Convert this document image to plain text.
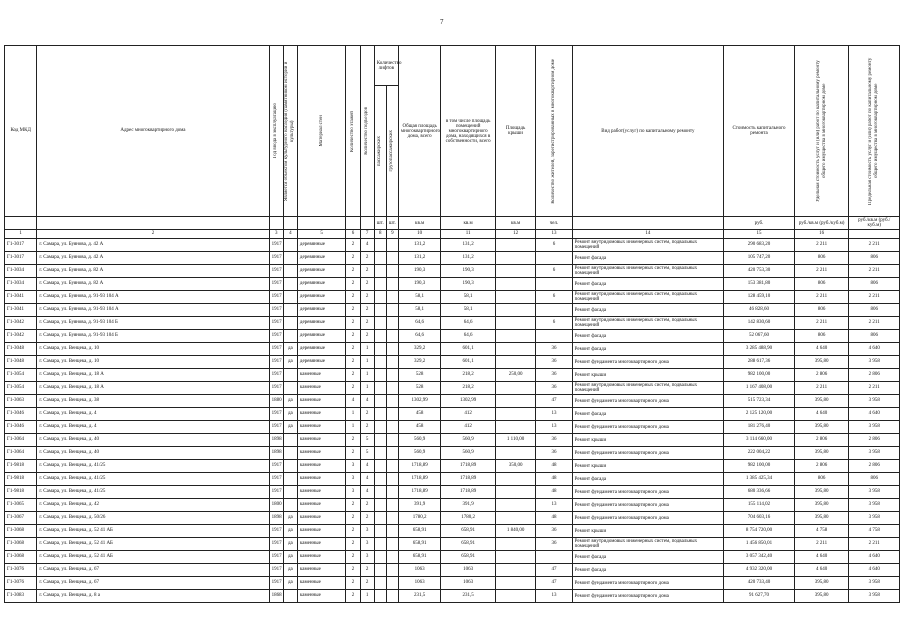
7
Код МКД	Адрес многоквартирного дома	Год ввода в эксплуатацию	Является объектом культурного наследия (памятником истории и культуры)	Материал стен	Количество этажей	Количество подъездов	Количество лифтов		Общая площадь многоквартирного дома, всего	в том числе площадь помещений многоквартирного дома, находящихся в собственности, всего	Площадь крыши	Количество жителей, зарегистрированных в многоквартирном доме	Вид работ(услуг) по капитальному ремонту	Стоимость капитального ремонта	Удельная стоимость услуг и (или) работ по капитальному ремонту общего имущества в многоквартирном доме	Предельная стоимость услуг и (или) работ по капитальному ремонту общего имущества в многоквартирном доме

							пассажирских	грузопассажирских								

							шт.	шт.	кв.м	кв.м	кв.м	чел.		руб.	руб./кв.м (руб./куб.м)	руб./кв.м (руб./куб.м)
1	2	3	4	5	6	7	8	9	10	11	12	13	14	15	16	
Г1-3017	г. Самара, ул. Буянова, д. 42 А	1917		деревянные	2	4			131,2	131,2		6	Ремонт внутридомовых инженерных систем, подвальных помещений	290 683,20	2 211	2 211
Г1-3017	г. Самара, ул. Буянова, д. 42 А	1917		деревянные	2	2			131,2	131,2			Ремонт фасада	105 747,20	806	806
Г1-3034	г. Самара, ул. Буянова, д. 82 А	1917		деревянные	2	2			190,3	190,3		6	Ремонт внутридомовых инженерных систем, подвальных помещений	420 753,30	2 211	2 211
Г1-3034	г. Самара, ул. Буянова, д. 82 А	1917		деревянные	2	2			190,3	190,3			Ремонт фасада	153 381,80	806	806
Г1-3041	г. Самара, ул. Буянова, д. 91-93 104 А	1917		деревянные	2	2			58,1	58,1		6	Ремонт внутридомовых инженерных систем, подвальных помещений	128 459,10	2 211	2 211
Г1-3041	г. Самара, ул. Буянова, д. 91-93 104 А	1917		деревянные	2	2			58,1	58,1			Ремонт фасада	46 828,60	806	806
Г1-3042	г. Самара, ул. Буянова, д. 91-93 104 Б	1917		деревянные	2	2			64,6	64,6		6	Ремонт внутридомовых инженерных систем, подвальных помещений	142 830,60	2 211	2 211
Г1-3042	г. Самара, ул. Буянова, д. 91-93 104 Б	1917		деревянные	2	2			64,6	64,6			Ремонт фасада	52 067,60	806	806
Г1-3048	г. Самара, ул. Венцека, д. 10	1917	да	деревянные	2	1			329,2	601,1		36	Ремонт фасада	3 285 488,90	4 640	4 640
Г1-3048	г. Самара, ул. Венцека, д. 10	1917	да	деревянные	2	1			329,2	601,1		36	Ремонт фундамента многоквартирного дома	288 617,36	395,80	3 958
Г1-3054	г. Самара, ул. Венцека, д. 18 А	1917		каменные	2	1			528	218,2	250,00	36	Ремонт крыши	982 100,00	2 806	2 806
Г1-3054	г. Самара, ул. Венцека, д. 18 А	1917		каменные	2	1			528	218,2		36	Ремонт внутридомовых инженерных систем, подвальных помещений	1 167 408,00	2 211	2 211
Г1-3063	г. Самара, ул. Венцека, д. 38	1880	да	каменные	4	4			1302,99	1302,99		47	Ремонт фундамента многоквартирного дома	515 723,34	395,80	3 958
Г1-3046	г. Самара, ул. Венцека, д. 4	1917	да	каменные	1	2			458	412		13	Ремонт фасада	2 125 120,00	4 640	4 640
Г1-3046	г. Самара, ул. Венцека, д. 4	1917	да	каменные	1	2			458	412		13	Ремонт фундамента многоквартирного дома	181 276,40	395,80	3 958
Г1-3064	г. Самара, ул. Венцека, д. 40	1898		каменные	2	5			560,9	560,9	1 110,00	36	Ремонт крыши	3 114 660,00	2 806	2 806
Г1-3064	г. Самара, ул. Венцека, д. 40	1898		каменные	2	5			560,9	560,9		36	Ремонт фундамента многоквартирного дома	222 004,22	395,80	3 958
Г1-9818	г. Самара, ул. Венцека, д. 41/25	1917		каменные	3	4			1718,89	1718,89	350,00	48	Ремонт крыши	982 100,00	2 806	2 806
Г1-9818	г. Самара, ул. Венцека, д. 41/25	1917		каменные	3	4			1718,89	1718,89		48	Ремонт фасада	1 385 425,34	806	806
Г1-9818	г. Самара, ул. Венцека, д. 41/25	1917		каменные	3	4			1718,89	1718,89		48	Ремонт фундамента многоквартирного дома	680 336,66	395,80	3 958
Г1-3065	г. Самара, ул. Венцека, д. 42	1800		каменные	2	2			391,9	391,9		13	Ремонт фундамента многоквартирного дома	155 114,02	395,80	3 958
Г1-3067	г. Самара, ул. Венцека, д. 50/26	1898	да	каменные	2	2			1780,2	1780,2		48	Ремонт фундамента многоквартирного дома	704 603,16	395,80	3 958
Г1-3068	г. Самара, ул. Венцека, д. 52 41 АБ	1917	да	каменные	2	3			658,91	658,91	1 840,00	36	Ремонт крыши	8 754 720,00	4 758	4 758
Г1-3068	г. Самара, ул. Венцека, д. 52 41 АБ	1917	да	каменные	2	3			658,91	658,91		36	Ремонт внутридомовых инженерных систем, подвальных помещений	1 456 850,01	2 211	2 211
Г1-3068	г. Самара, ул. Венцека, д. 52 41 АБ	1917	да	каменные	2	3			658,91	658,91			Ремонт фасада	3 057 342,40	4 640	4 640
Г1-3076	г. Самара, ул. Венцека, д. 67	1917	да	каменные	2	2			1063	1063		47	Ремонт фасада	4 932 320,00	4 640	4 640
Г1-3076	г. Самара, ул. Венцека, д. 67	1917	да	каменные	2	2			1063	1063		47	Ремонт фундамента многоквартирного дома	420 733,40	395,80	3 958
Г1-3083	г. Самара, ул. Венцека, д. 8 а	1868		каменные	2	1			231,5	231,5		13	Ремонт фундамента многоквартирного дома	91 627,70	395,80	3 958
